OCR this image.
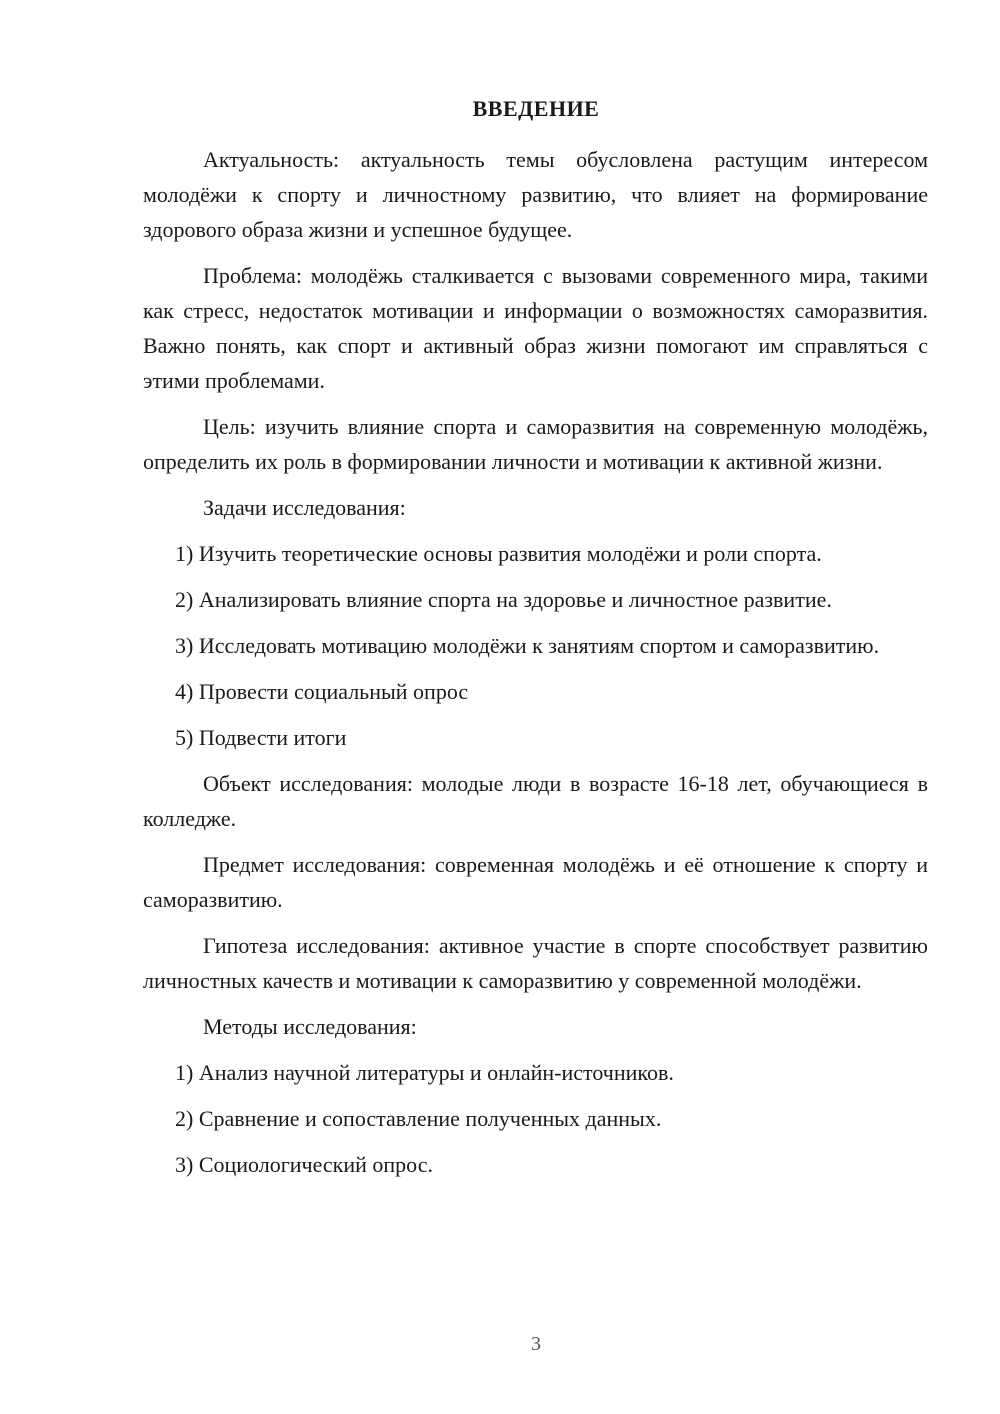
ВВЕДЕНИЕ

Актуальность: актуальность темы обусловлена растущим интересом молодёжи к спорту и личностному развитию, что влияет на формирование здорового образа жизни и успешное будущее.

Проблема: молодёжь сталкивается с вызовами современного мира, такими как стресс, недостаток мотивации и информации о возможностях саморазвития. Важно понять, как спорт и активный образ жизни помогают им справляться с этими проблемами.

Цель: изучить влияние спорта и саморазвития на современную молодёжь, определить их роль в формировании личности и мотивации к активной жизни.

Задачи исследования:

1) Изучить теоретические основы развития молодёжи и роли спорта.

2) Анализировать влияние спорта на здоровье и личностное развитие.

3) Исследовать мотивацию молодёжи к занятиям спортом и саморазвитию.

4) Провести социальный опрос

5) Подвести итоги

Объект исследования: молодые люди в возрасте 16-18 лет, обучающиеся в колледже.

Предмет исследования: современная молодёжь и её отношение к спорту и саморазвитию.

Гипотеза исследования: активное участие в спорте способствует развитию личностных качеств и мотивации к саморазвитию у современной молодёжи.

Методы исследования:

1) Анализ научной литературы и онлайн-источников.

2) Сравнение и сопоставление полученных данных.

3) Социологический опрос.

3
